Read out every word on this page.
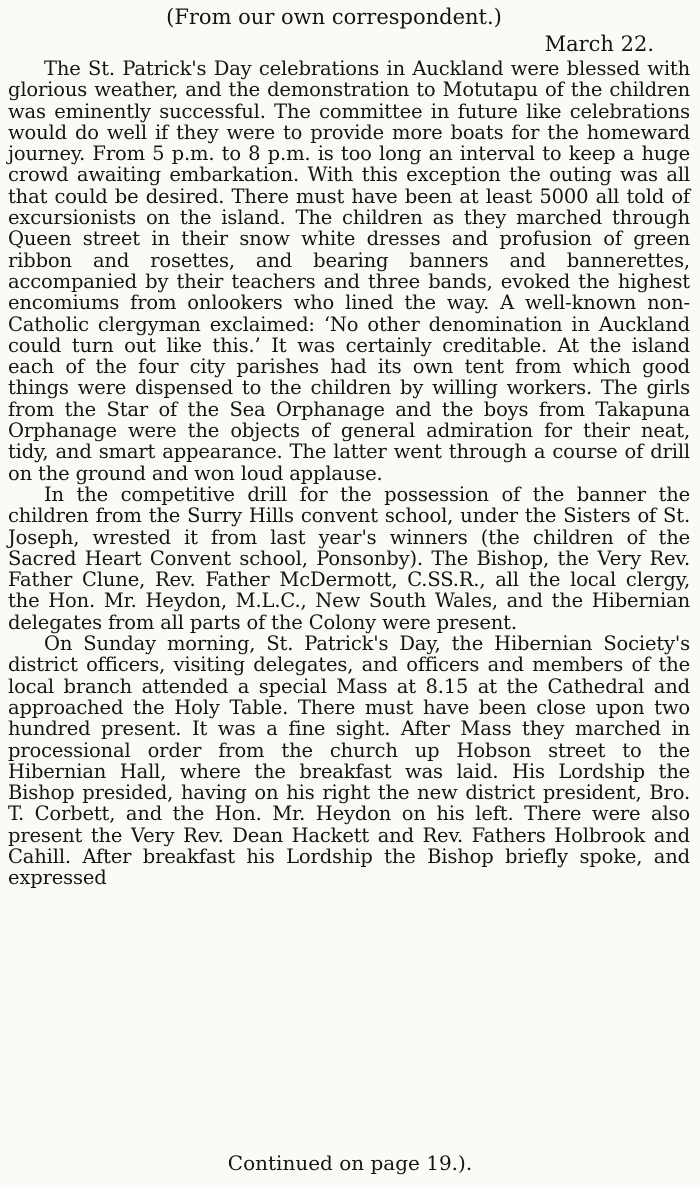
(From our own correspondent.)
March 22.

The St. Patrick's Day celebrations in Auckland were blessed with glorious weather, and the demonstration to Motutapu of the children was eminently successful. The committee in future like celebrations would do well if they were to provide more boats for the homeward journey. From 5 p.m. to 8 p.m. is too long an interval to keep a huge crowd awaiting embarkation. With this exception the outing was all that could be desired. There must have been at least 5000 all told of excursionists on the island. The children as they marched through Queen street in their snow white dresses and profusion of green ribbon and rosettes, and bearing banners and bannerettes, accompanied by their teachers and three bands, evoked the highest encomiums from onlookers who lined the way. A well-known non-Catholic clergyman exclaimed: ‘No other denomination in Auckland could turn out like this.’ It was certainly creditable. At the island each of the four city parishes had its own tent from which good things were dispensed to the children by willing workers. The girls from the Star of the Sea Orphanage and the boys from Takapuna Orphanage were the objects of general admiration for their neat, tidy, and smart appearance. The latter went through a course of drill on the ground and won loud applause.

In the competitive drill for the possession of the banner the children from the Surry Hills convent school, under the Sisters of St. Joseph, wrested it from last year's winners (the children of the Sacred Heart Convent school, Ponsonby). The Bishop, the Very Rev. Father Clune, Rev. Father McDermott, C.SS.R., all the local clergy, the Hon. Mr. Heydon, M.L.C., New South Wales, and the Hibernian delegates from all parts of the Colony were present.

On Sunday morning, St. Patrick's Day, the Hibernian Society's district officers, visiting delegates, and officers and members of the local branch attended a special Mass at 8.15 at the Cathedral and approached the Holy Table. There must have been close upon two hundred present. It was a fine sight. After Mass they marched in processional order from the church up Hobson street to the Hibernian Hall, where the breakfast was laid. His Lordship the Bishop presided, having on his right the new district president, Bro. T. Corbett, and the Hon. Mr. Heydon on his left. There were also present the Very Rev. Dean Hackett and Rev. Fathers Holbrook and Cahill. After breakfast his Lordship the Bishop briefly spoke, and expressed

Continued on page 19.).
